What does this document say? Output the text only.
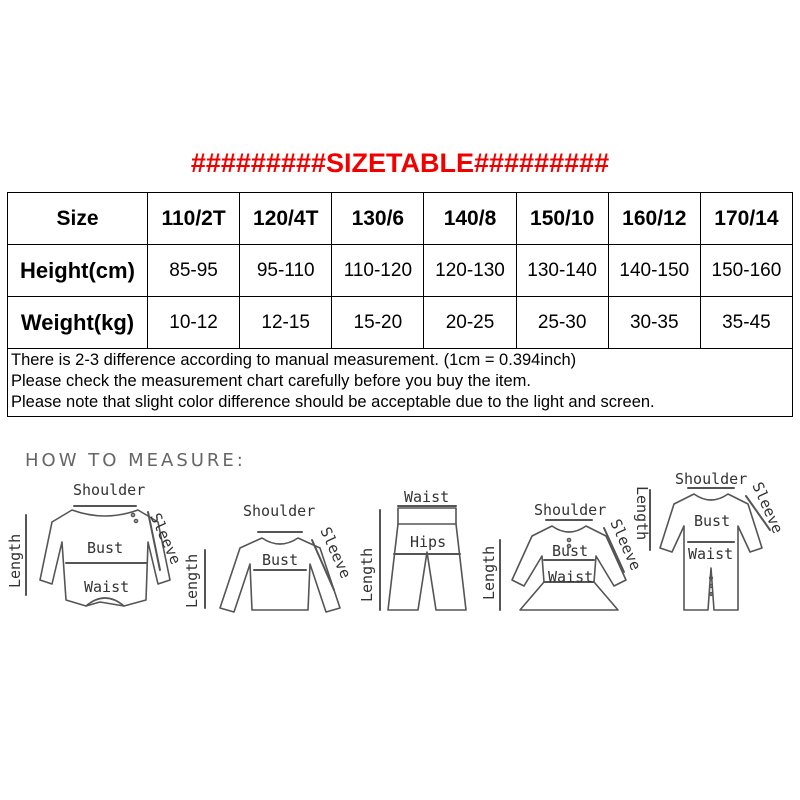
#########SIZETABLE#########
Size	110/2T	120/4T	130/6	140/8	150/10	160/12	170/14
Height(cm)	85-95	95-110	110-120	120-130	130-140	140-150	150-160
Weight(kg)	10-12	12-15	15-20	20-25	25-30	30-35	35-45

There is 2-3 difference according to manual measurement. (1cm = 0.394inch)
Please check the measurement chart carefully before you buy the item.
Please note that slight color difference should be acceptable due to the light and screen.							
HOW TO MEASURE:
Shoulder
Sleeve
Length	Bust
Waist
Shoulder
Sleeve
Length	Bust
Waist
Hips
Length
Shoulder
Sleeve
Length	Bust
Waist
Shoulder
Sleeve
Length	Bust
Waist
